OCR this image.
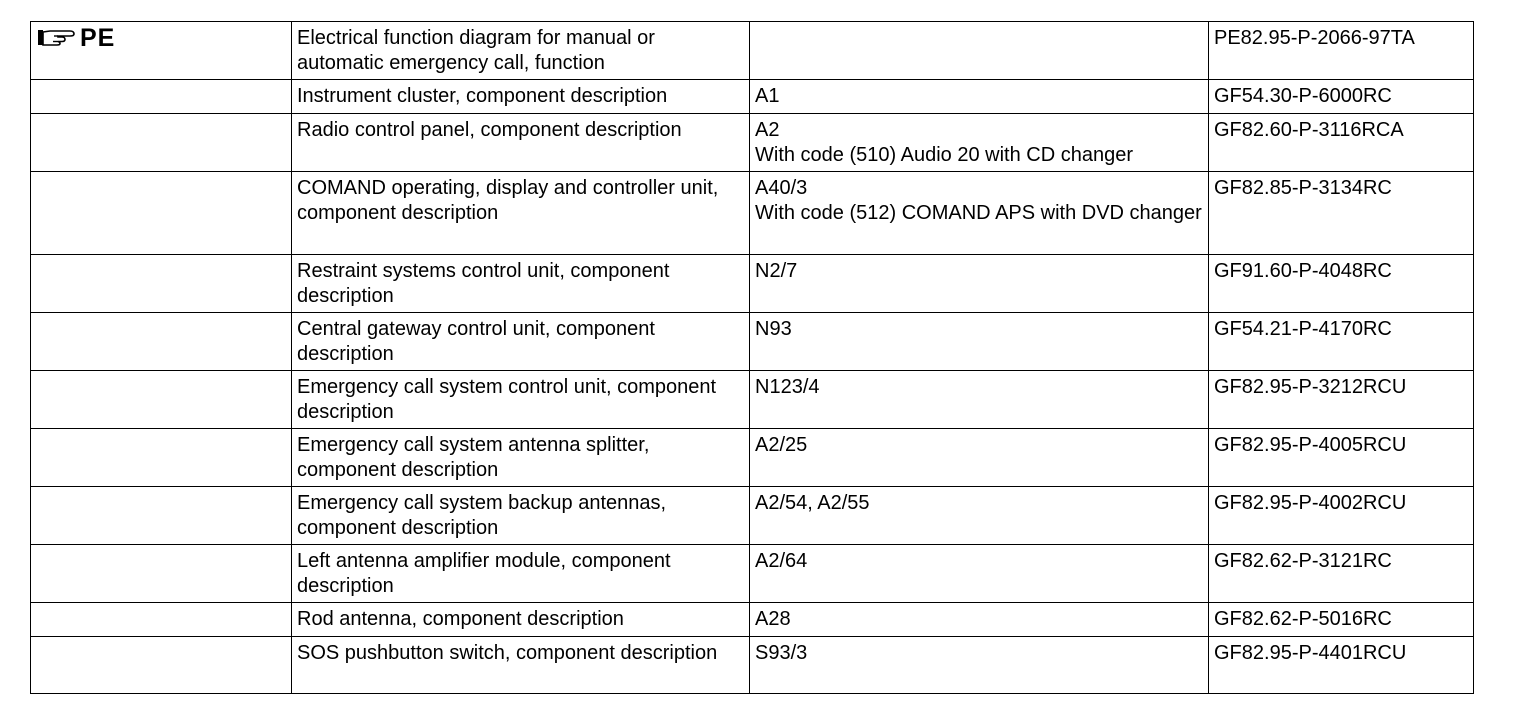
PE	Electrical function diagram for manual or automatic emergency call, function		PE82.95-P-2066-97TA
	Instrument cluster, component description	A1	GF54.30-P-6000RC
	Radio control panel, component description	A2
With code (510) Audio 20 with CD changer	GF82.60-P-3116RCA
	COMAND operating, display and controller unit, component description	A40/3
With code (512) COMAND APS with DVD changer	GF82.85-P-3134RC
	Restraint systems control unit, component description	N2/7	GF91.60-P-4048RC
	Central gateway control unit, component description	N93	GF54.21-P-4170RC
	Emergency call system control unit, component description	N123/4	GF82.95-P-3212RCU
	Emergency call system antenna splitter, component description	A2/25	GF82.95-P-4005RCU
	Emergency call system backup antennas, component description	A2/54, A2/55	GF82.95-P-4002RCU
	Left antenna amplifier module, component description	A2/64	GF82.62-P-3121RC
	Rod antenna, component description	A28	GF82.62-P-5016RC
	SOS pushbutton switch, component description	S93/3	GF82.95-P-4401RCU
